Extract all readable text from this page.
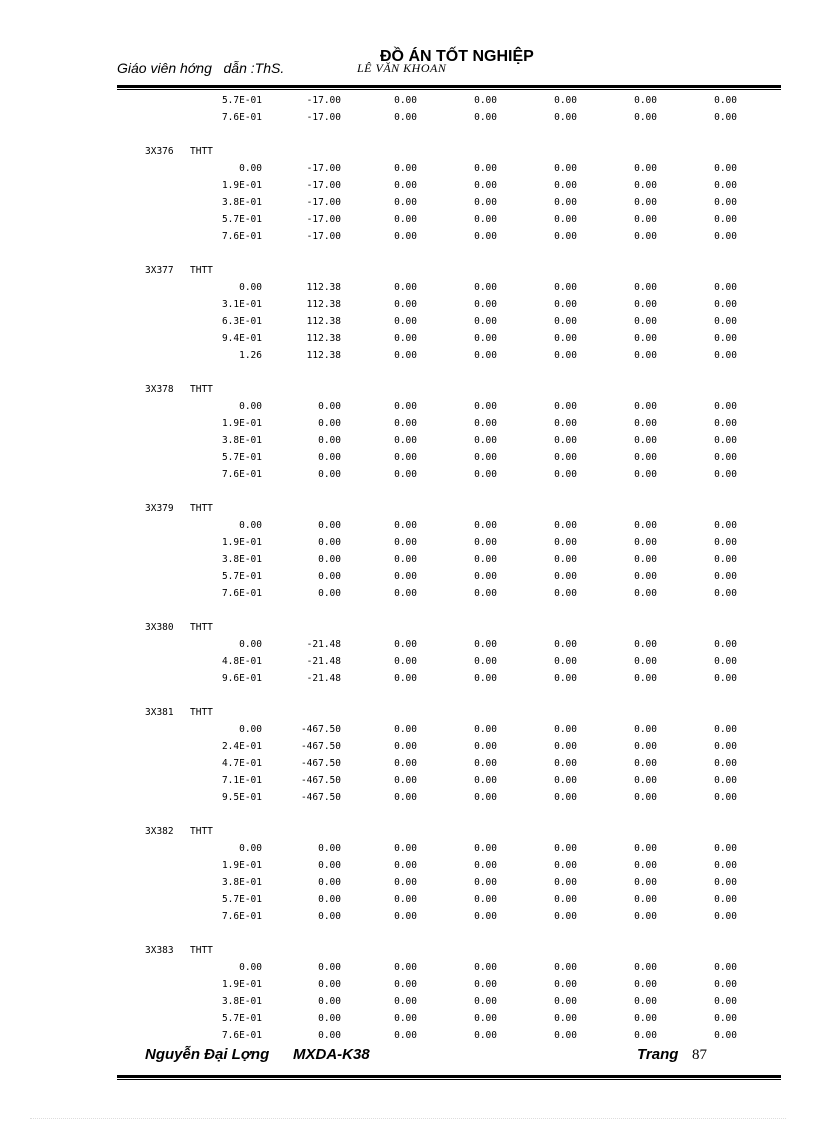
Giáo viên hớng   dẫn :ThS.	LÊ VĂN KHOAN
ĐỒ ÁN TỐT NGHIỆP
5.7E-01	-17.00	0.00	0.00	0.00	0.00	0.00
7.6E-01	-17.00	0.00	0.00	0.00	0.00	0.00
3X376 THTT
0.00	-17.00	0.00	0.00	0.00	0.00	0.00
1.9E-01	-17.00	0.00	0.00	0.00	0.00	0.00
3.8E-01	-17.00	0.00	0.00	0.00	0.00	0.00
5.7E-01	-17.00	0.00	0.00	0.00	0.00	0.00
7.6E-01	-17.00	0.00	0.00	0.00	0.00	0.00
3X377 THTT
0.00	112.38	0.00	0.00	0.00	0.00	0.00
3.1E-01	112.38	0.00	0.00	0.00	0.00	0.00
6.3E-01	112.38	0.00	0.00	0.00	0.00	0.00
9.4E-01	112.38	0.00	0.00	0.00	0.00	0.00
1.26	112.38	0.00	0.00	0.00	0.00	0.00
3X378 THTT
0.00	0.00	0.00	0.00	0.00	0.00	0.00
1.9E-01	0.00	0.00	0.00	0.00	0.00	0.00
3.8E-01	0.00	0.00	0.00	0.00	0.00	0.00
5.7E-01	0.00	0.00	0.00	0.00	0.00	0.00
7.6E-01	0.00	0.00	0.00	0.00	0.00	0.00
3X379 THTT
0.00	0.00	0.00	0.00	0.00	0.00	0.00
1.9E-01	0.00	0.00	0.00	0.00	0.00	0.00
3.8E-01	0.00	0.00	0.00	0.00	0.00	0.00
5.7E-01	0.00	0.00	0.00	0.00	0.00	0.00
7.6E-01	0.00	0.00	0.00	0.00	0.00	0.00
3X380 THTT
0.00	-21.48	0.00	0.00	0.00	0.00	0.00
4.8E-01	-21.48	0.00	0.00	0.00	0.00	0.00
9.6E-01	-21.48	0.00	0.00	0.00	0.00	0.00
3X381 THTT
0.00	-467.50	0.00	0.00	0.00	0.00	0.00
2.4E-01	-467.50	0.00	0.00	0.00	0.00	0.00
4.7E-01	-467.50	0.00	0.00	0.00	0.00	0.00
7.1E-01	-467.50	0.00	0.00	0.00	0.00	0.00
9.5E-01	-467.50	0.00	0.00	0.00	0.00	0.00
3X382 THTT
0.00	0.00	0.00	0.00	0.00	0.00	0.00
1.9E-01	0.00	0.00	0.00	0.00	0.00	0.00
3.8E-01	0.00	0.00	0.00	0.00	0.00	0.00
5.7E-01	0.00	0.00	0.00	0.00	0.00	0.00
7.6E-01	0.00	0.00	0.00	0.00	0.00	0.00
3X383 THTT
0.00	0.00	0.00	0.00	0.00	0.00	0.00
1.9E-01	0.00	0.00	0.00	0.00	0.00	0.00
3.8E-01	0.00	0.00	0.00	0.00	0.00	0.00
5.7E-01	0.00	0.00	0.00	0.00	0.00	0.00
7.6E-01	0.00	0.00	0.00	0.00	0.00	0.00
Nguyễn Đại Lợng MXDA-K38	Trang 87
